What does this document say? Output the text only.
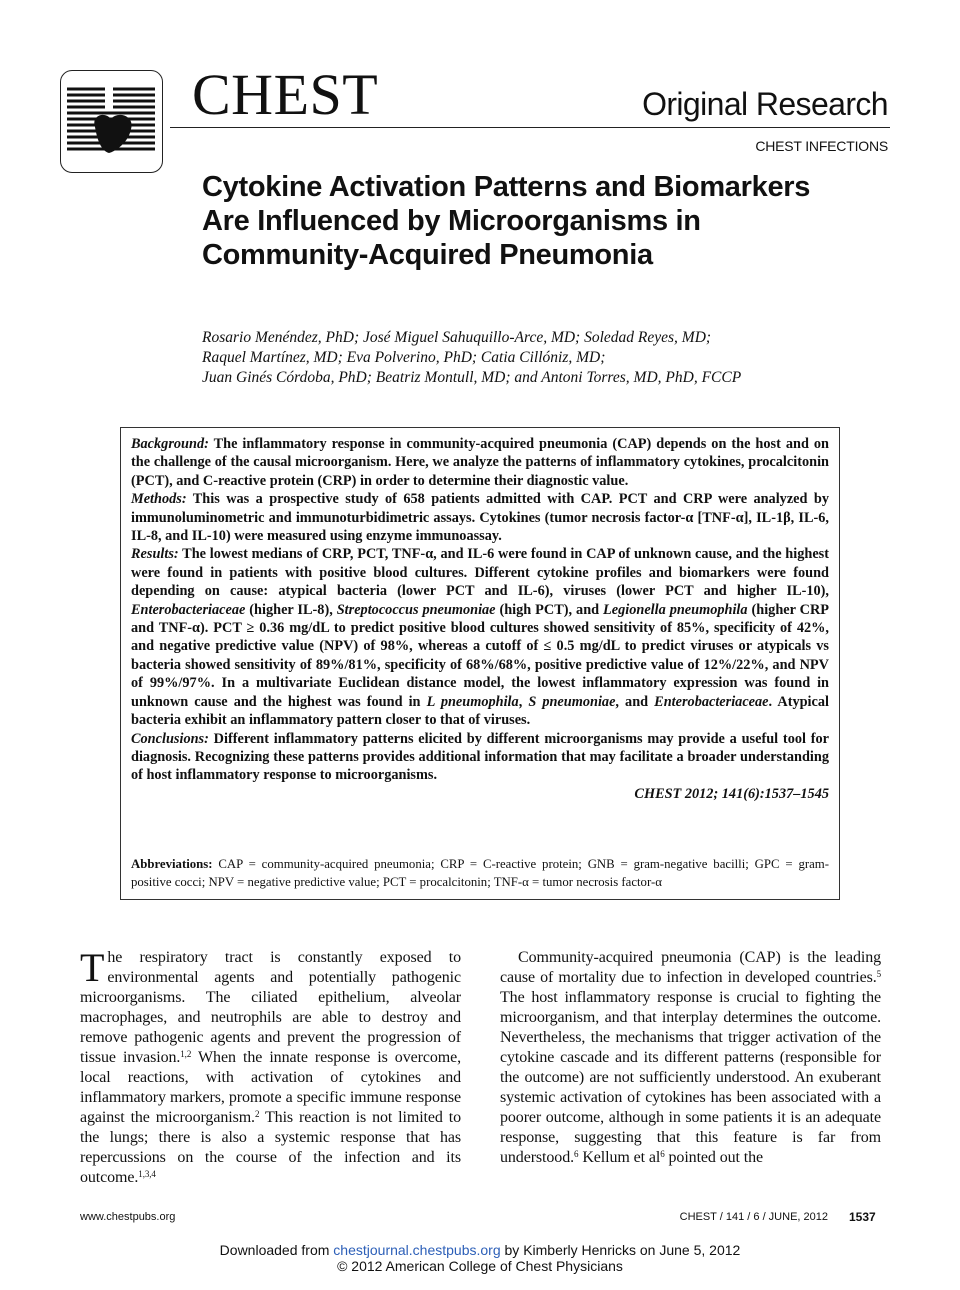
CHEST	Original Research
CHEST INFECTIONS
Cytokine Activation Patterns and Biomarkers Are Influenced by Microorganisms in Community-Acquired Pneumonia
Rosario Menéndez, PhD; José Miguel Sahuquillo-Arce, MD; Soledad Reyes, MD;
Raquel Martínez, MD; Eva Polverino, PhD; Catia Cillóniz, MD;
Juan Ginés Córdoba, PhD; Beatriz Montull, MD; and Antoni Torres, MD, PhD, FCCP

Background: The inflammatory response in community-acquired pneumonia (CAP) depends on the host and on the challenge of the causal microorganism. Here, we analyze the patterns of inflammatory cytokines, procalcitonin (PCT), and C-reactive protein (CRP) in order to determine their diagnostic value.

Methods: This was a prospective study of 658 patients admitted with CAP. PCT and CRP were analyzed by immunoluminometric and immunoturbidimetric assays. Cytokines (tumor necrosis factor-α [TNF-α], IL-1β, IL-6, IL-8, and IL-10) were measured using enzyme immunoassay.

Results: The lowest medians of CRP, PCT, TNF-α, and IL-6 were found in CAP of unknown cause, and the highest were found in patients with positive blood cultures. Different cytokine profiles and biomarkers were found depending on cause: atypical bacteria (lower PCT and IL-6), viruses (lower PCT and higher IL-10), Enterobacteriaceae (higher IL-8), Streptococcus pneumoniae (high PCT), and Legionella pneumophila (higher CRP and TNF-α). PCT ≥ 0.36 mg/dL to predict positive blood cultures showed sensitivity of 85%, specificity of 42%, and negative predictive value (NPV) of 98%, whereas a cutoff of ≤ 0.5 mg/dL to predict viruses or atypicals vs bacteria showed sensitivity of 89%/81%, specificity of 68%/68%, positive predictive value of 12%/22%, and NPV of 99%/97%. In a multivariate Euclidean distance model, the lowest inflammatory expression was found in unknown cause and the highest was found in L pneumophila, S pneumoniae, and Enterobacteriaceae. Atypical bacteria exhibit an inflammatory pattern closer to that of viruses.

Conclusions: Different inflammatory patterns elicited by different microorganisms may provide a useful tool for diagnosis. Recognizing these patterns provides additional information that may facilitate a broader understanding of host inflammatory response to microorganisms.

CHEST 2012; 141(6):1537–1545

Abbreviations: CAP = community-acquired pneumonia; CRP = C-reactive protein; GNB = gram-negative bacilli; GPC = gram-positive cocci; NPV = negative predictive value; PCT = procalcitonin; TNF-α = tumor necrosis factor-α

The respiratory tract is constantly exposed to environmental agents and potentially pathogenic microorganisms. The ciliated epithelium, alveolar macrophages, and neutrophils are able to destroy and remove pathogenic agents and prevent the progression of tissue invasion.$^{1,2}$ When the innate response is overcome, local reactions, with activation of cytokines and inflammatory markers, promote a specific immune response against the microorganism.$^2$ This reaction is not limited to the lungs; there is also a systemic response that has repercussions on the course of the infection and its outcome.$^{1,3,4}$

Community-acquired pneumonia (CAP) is the leading cause of mortality due to infection in developed countries.$^5$ The host inflammatory response is crucial to fighting the microorganism, and that interplay determines the outcome. Nevertheless, the mechanisms that trigger activation of the cytokine cascade and its different patterns (responsible for the outcome) are not sufficiently understood. An exuberant systemic activation of cytokines has been associated with a poorer outcome, although in some patients it is an adequate response, suggesting that this feature is far from understood.$^6$ Kellum et $al^6$ pointed out the

www.chestpubs.org	CHEST / 141 / 6 / JUNE, 2012 1537
Downloaded from chestjournal.chestpubs.org by Kimberly Henricks on June 5, 2012
© 2012 American College of Chest Physicians
